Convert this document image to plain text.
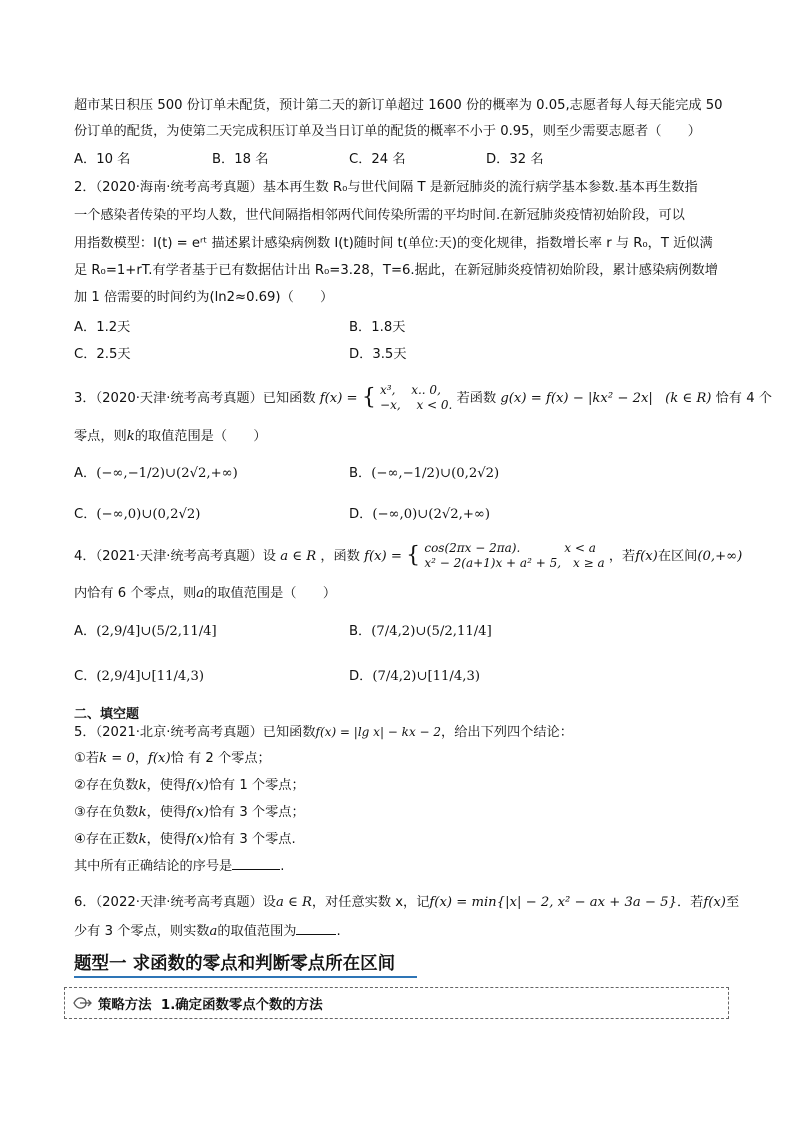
超市某日积压 500 份订单未配货，预计第二天的新订单超过 1600 份的概率为 0.05,志愿者每人每天能完成 50
份订单的配货，为使第二天完成积压订单及当日订单的配货的概率不小于 0.95，则至少需要志愿者（　　）
A．10 名	B．18 名	C．24 名	D．32 名
2．（2020·海南·统考高考真题）基本再生数 R₀与世代间隔 T 是新冠肺炎的流行病学基本参数.基本再生数指
一个感染者传染的平均人数，世代间隔指相邻两代间传染所需的平均时间.在新冠肺炎疫情初始阶段，可以
用指数模型：I(t) = eʳᵗ 描述累计感染病例数 I(t)随时间 t(单位:天)的变化规律，指数增长率 r 与 R₀，T 近似满
足 R₀=1+rT.有学者基于已有数据估计出 R₀=3.28，T=6.据此，在新冠肺炎疫情初始阶段，累计感染病例数增
加 1 倍需要的时间约为(ln2≈0.69)（　　）
A．1.2天	B．1.8天
C．2.5天	D．3.5天
3．（2020·天津·统考高考真题）已知函数 f(x) = { x³,　 x.. 0,
−x,　 x < 0. 若函数 g(x) = f(x) − |kx² − 2x| (k ∈ R) 恰有 4 个
零点，则k的取值范围是（　　）
A．(−∞,−1/2)∪(2√2,+∞)	B．(−∞,−1/2)∪(0,2√2)
C．(−∞,0)∪(0,2√2)	D．(−∞,0)∪(2√2,+∞)
4．（2021·天津·统考高考真题）设 a ∈ R ，函数 f(x) = { cos(2πx − 2πa).	x < a
x² − 2(a+1)x + a² + 5, x ≥ a ，若f(x)在区间(0,+∞)
内恰有 6 个零点，则a的取值范围是（　　）
A．(2,9/4]∪(5/2,11/4]	B．(7/4,2)∪(5/2,11/4]
C．(2,9/4]∪[11/4,3)	D．(7/4,2)∪[11/4,3)
二、填空题
5．（2021·北京·统考高考真题）已知函数f(x) = |lg x| − kx − 2，给出下列四个结论：
①若k = 0，f(x)恰 有 2 个零点；
②存在负数k，使得f(x)恰有 1 个零点；
③存在负数k，使得f(x)恰有 3 个零点；
④存在正数k，使得f(x)恰有 3 个零点.
其中所有正确结论的序号是	.
6．（2022·天津·统考高考真题）设a ∈ R，对任意实数 x，记f(x) = min{|x| − 2, x² − ax + 3a − 5}．若f(x)至
少有 3 个零点，则实数a的取值范围为	.
题型一 求函数的零点和判断零点所在区间
策略方法 1.确定函数零点个数的方法
